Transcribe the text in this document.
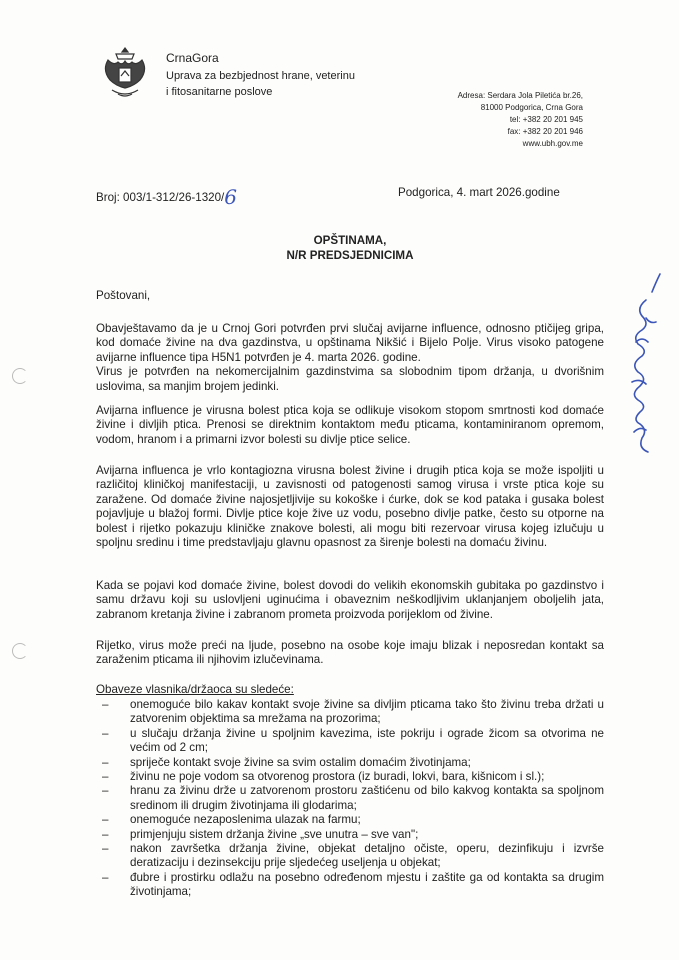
CrnaGora
Uprava za bezbjednost hrane, veterinu
i fitosanitarne poslove	Adresa: Serdara Jola Piletića br.26,
81000 Podgorica, Crna Gora
tel: +382 20 201 945
fax: +382 20 201 946
www.ubh.gov.me
Broj: 003/1-312/26-1320/6	Podgorica, 4. mart 2026.godine
OPŠTINAMA,
N/R PREDSJEDNICIMA
Poštovani,
Obavještavamo da je u Crnoj Gori potvrđen prvi slučaj avijarne influence, odnosno ptičijeg gripa, kod domaće živine na dva gazdinstva, u opštinama Nikšić i Bijelo Polje. Virus visoko patogene avijarne influence tipa H5N1 potvrđen je 4. marta 2026. godine.
Virus je potvrđen na nekomercijalnim gazdinstvima sa slobodnim tipom držanja, u dvorišnim uslovima, sa manjim brojem jedinki.
Avijarna influence je virusna bolest ptica koja se odlikuje visokom stopom smrtnosti kod domaće živine i divljih ptica. Prenosi se direktnim kontaktom među pticama, kontaminiranom opremom, vodom, hranom i a primarni izvor bolesti su divlje ptice selice.
Avijarna influenca je vrlo kontagiozna virusna bolest živine i drugih ptica koja se može ispoljiti u različitoj kliničkoj manifestaciji, u zavisnosti od patogenosti samog virusa i vrste ptica koje su zaražene. Od domaće živine najosjetljivije su kokoške i ćurke, dok se kod pataka i gusaka bolest pojavljuje u blažoj formi. Divlje ptice koje žive uz vodu, posebno divlje patke, često su otporne na bolest i rijetko pokazuju kliničke znakove bolesti, ali mogu biti rezervoar virusa kojeg izlučuju u spoljnu sredinu i time predstavljaju glavnu opasnost za širenje bolesti na domaću živinu.
Kada se pojavi kod domaće živine, bolest dovodi do velikih ekonomskih gubitaka po gazdinstvo i samu državu koji su uslovljeni uginućima i obaveznim neškodljivim uklanjanjem oboljelih jata, zabranom kretanja živine i zabranom prometa proizvoda porijeklom od živine.
Rijetko, virus može preći na ljude, posebno na osobe koje imaju blizak i neposredan kontakt sa zaraženim pticama ili njihovim izlučevinama.
Obaveze vlasnika/držaoca su sledeće:
– onemoguće bilo kakav kontakt svoje živine sa divljim pticama tako što živinu treba držati u zatvorenim objektima sa mrežama na prozorima;
– u slučaju držanja živine u spoljnim kavezima, iste pokriju i ograde žicom sa otvorima ne većim od 2 cm;
– spriječe kontakt svoje živine sa svim ostalim domaćim životinjama;
– živinu ne poje vodom sa otvorenog prostora (iz buradi, lokvi, bara, kišnicom i sl.);
– hranu za živinu drže u zatvorenom prostoru zaštićenu od bilo kakvog kontakta sa spoljnom sredinom ili drugim životinjama ili glodarima;
– onemoguće nezaposlenima ulazak na farmu;
– primjenjuju sistem držanja živine „sve unutra – sve van";
– nakon završetka držanja živine, objekat detaljno očiste, operu, dezinfikuju i izvrše deratizaciju i dezinsekciju prije sljedećeg useljenja u objekat;
– đubre i prostirku odlažu na posebno određenom mjestu i zaštite ga od kontakta sa drugim životinjama;
